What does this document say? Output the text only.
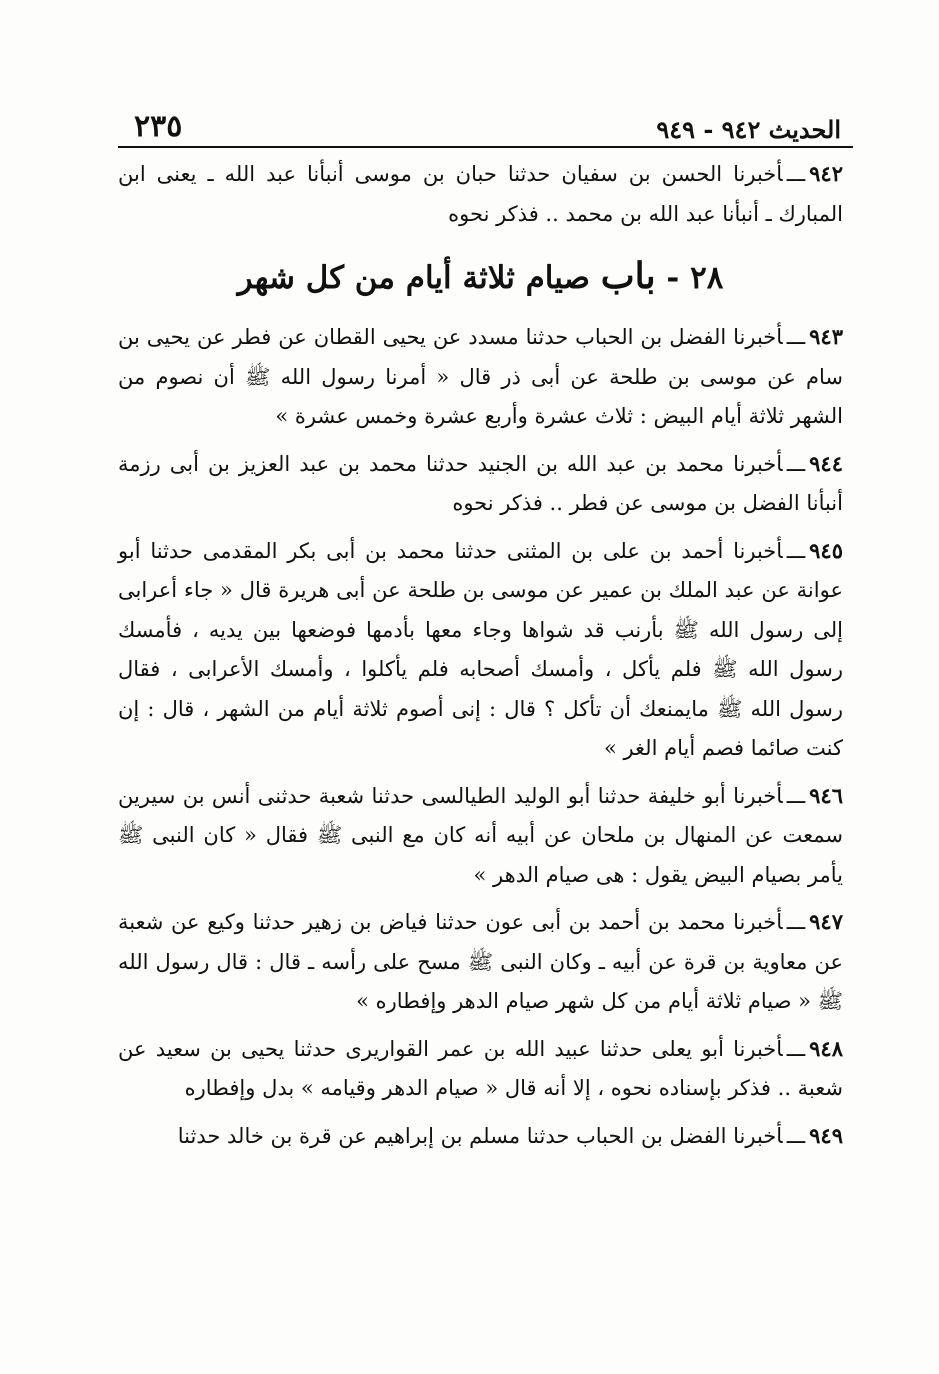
الحديث ٩٤٢ - ٩٤٩
٢٣٥

٩٤٢ـــأخبرنا الحسن بن سفيان حدثنا حبان بن موسى أنبأنا عبد الله ـ يعنى ابن المبارك ـ أنبأنا عبد الله بن محمد .. فذكر نحوه

٢٨ - باب صيام ثلاثة أيام من كل شهر

٩٤٣ـــأخبرنا الفضل بن الحباب حدثنا مسدد عن يحيى القطان عن فطر عن يحيى بن سام عن موسى بن طلحة عن أبى ذر قال « أمرنا رسول الله ﷺ أن نصوم من الشهر ثلاثة أيام البيض : ثلاث عشرة وأربع عشرة وخمس عشرة »

٩٤٤ـــأخبرنا محمد بن عبد الله بن الجنيد حدثنا محمد بن عبد العزيز بن أبى رزمة أنبأنا الفضل بن موسى عن فطر .. فذكر نحوه

٩٤٥ـــأخبرنا أحمد بن على بن المثنى حدثنا محمد بن أبى بكر المقدمى حدثنا أبو عوانة عن عبد الملك بن عمير عن موسى بن طلحة عن أبى هريرة قال « جاء أعرابى إلى رسول الله ﷺ بأرنب قد شواها وجاء معها بأدمها فوضعها بين يديه ، فأمسك رسول الله ﷺ فلم يأكل ، وأمسك أصحابه فلم يأكلوا ، وأمسك الأعرابى ، فقال رسول الله ﷺ مايمنعك أن تأكل ؟ قال : إنى أصوم ثلاثة أيام من الشهر ، قال : إن كنت صائما فصم أيام الغر »

٩٤٦ـــأخبرنا أبو خليفة حدثنا أبو الوليد الطيالسى حدثنا شعبة حدثنى أنس بن سيرين سمعت عن المنهال بن ملحان عن أبيه أنه كان مع النبى ﷺ فقال « كان النبى ﷺ يأمر بصيام البيض يقول : هى صيام الدهر »

٩٤٧ـــأخبرنا محمد بن أحمد بن أبى عون حدثنا فياض بن زهير حدثنا وكيع عن شعبة عن معاوية بن قرة عن أبيه ـ وكان النبى ﷺ مسح على رأسه ـ قال : قال رسول الله ﷺ « صيام ثلاثة أيام من كل شهر صيام الدهر وإفطاره »

٩٤٨ـــأخبرنا أبو يعلى حدثنا عبيد الله بن عمر القواريرى حدثنا يحيى بن سعيد عن شعبة .. فذكر بإسناده نحوه ، إلا أنه قال « صيام الدهر وقيامه » بدل وإفطاره

٩٤٩ـــأخبرنا الفضل بن الحباب حدثنا مسلم بن إبراهيم عن قرة بن خالد حدثنا
